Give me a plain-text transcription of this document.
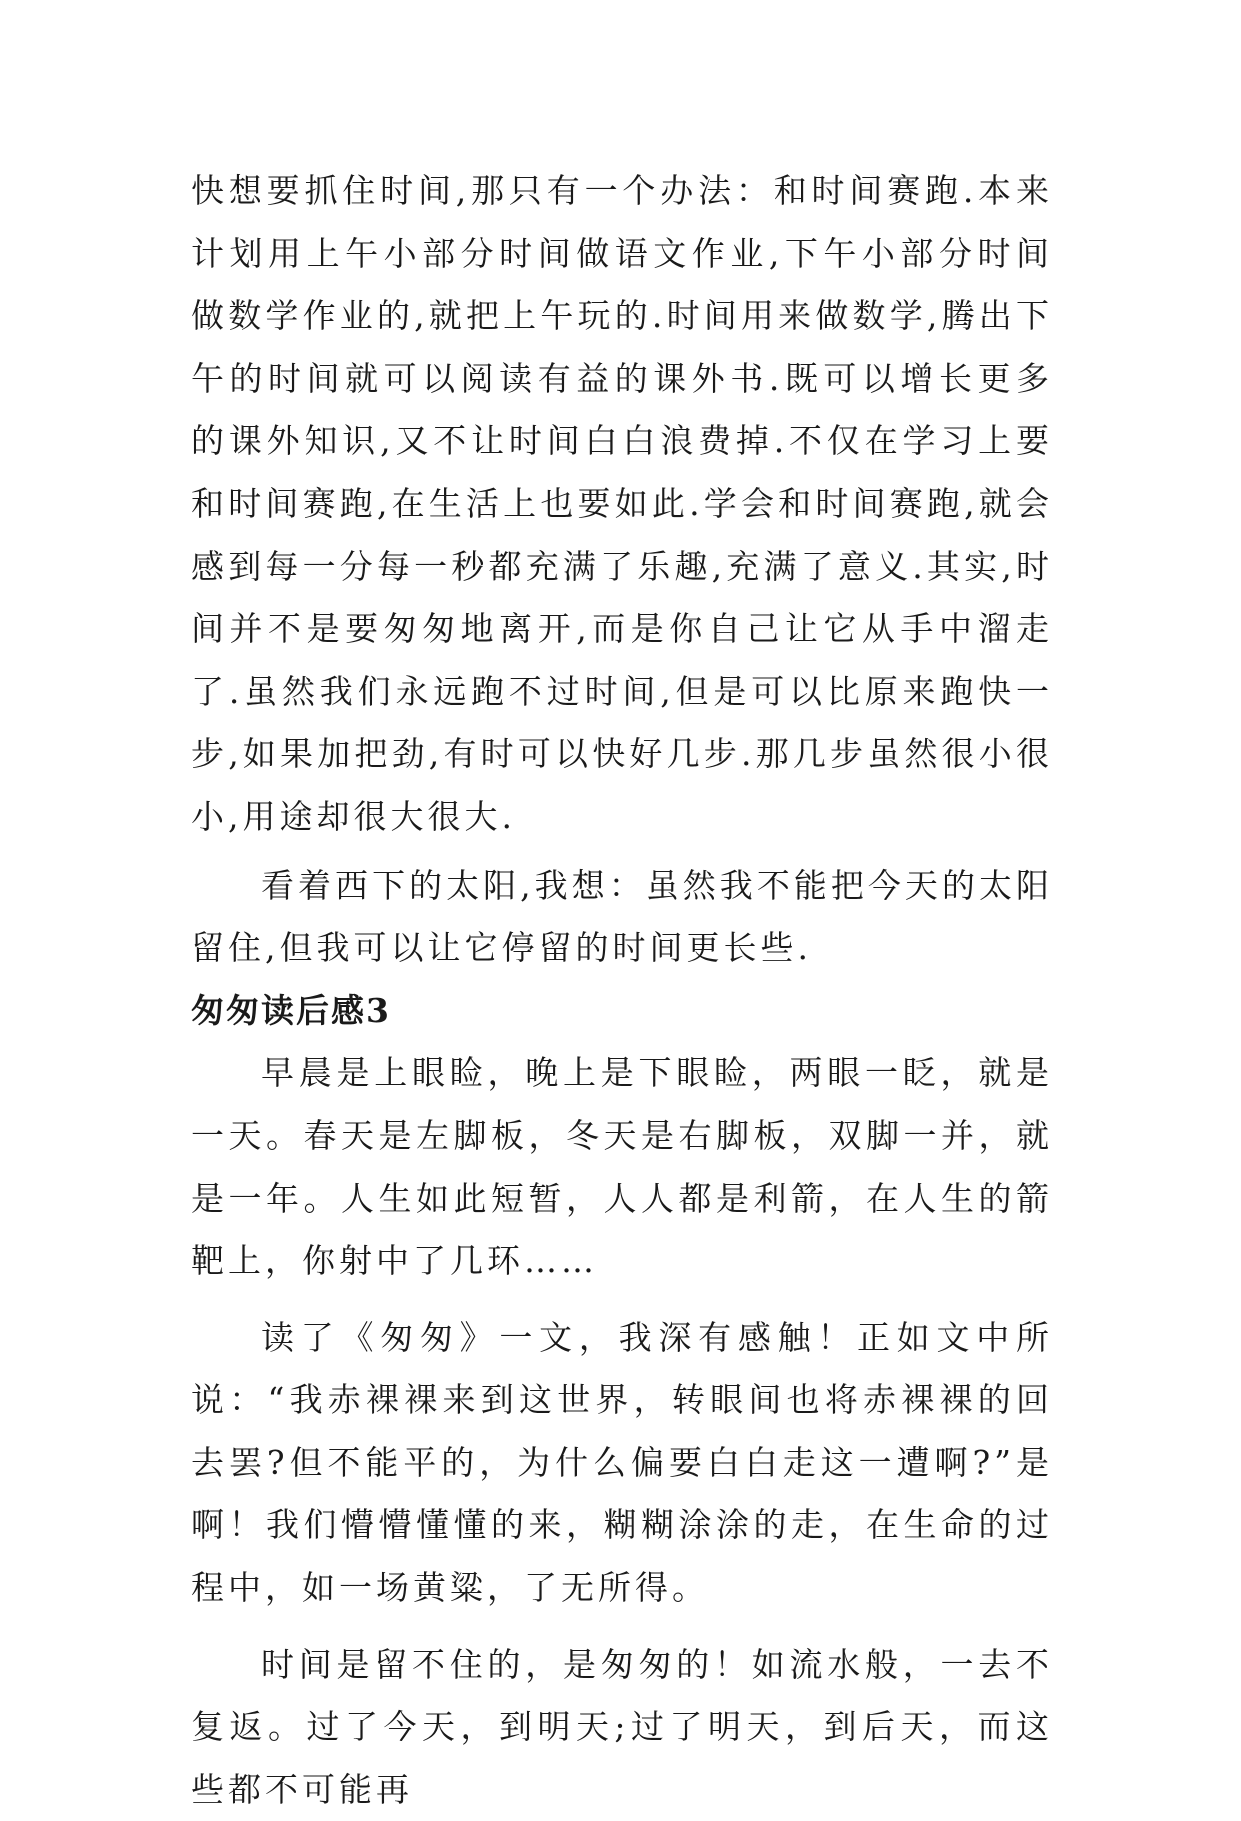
快想要抓住时间,那只有一个办法：和时间赛跑.本来计划用上午小部分时间做语文作业,下午小部分时间做数学作业的,就把上午玩的.时间用来做数学,腾出下午的时间就可以阅读有益的课外书.既可以增长更多的课外知识,又不让时间白白浪费掉.不仅在学习上要和时间赛跑,在生活上也要如此.学会和时间赛跑,就会感到每一分每一秒都充满了乐趣,充满了意义.其实,时间并不是要匆匆地离开,而是你自己让它从手中溜走了.虽然我们永远跑不过时间,但是可以比原来跑快一步,如果加把劲,有时可以快好几步.那几步虽然很小很小,用途却很大很大.

看着西下的太阳,我想：虽然我不能把今天的太阳留住,但我可以让它停留的时间更长些.

匆匆读后感3

早晨是上眼睑，晚上是下眼睑，两眼一眨，就是一天。春天是左脚板，冬天是右脚板，双脚一并，就是一年。人生如此短暂，人人都是利箭，在人生的箭靶上，你射中了几环……

读了《匆匆》一文，我深有感触！正如文中所说：“我赤裸裸来到这世界，转眼间也将赤裸裸的回去罢?但不能平的，为什么偏要白白走这一遭啊?”是啊！我们懵懵懂懂的来，糊糊涂涂的走，在生命的过程中，如一场黄粱，了无所得。

时间是留不住的，是匆匆的！如流水般，一去不复返。过了今天，到明天;过了明天，到后天，而这些都不可能再
